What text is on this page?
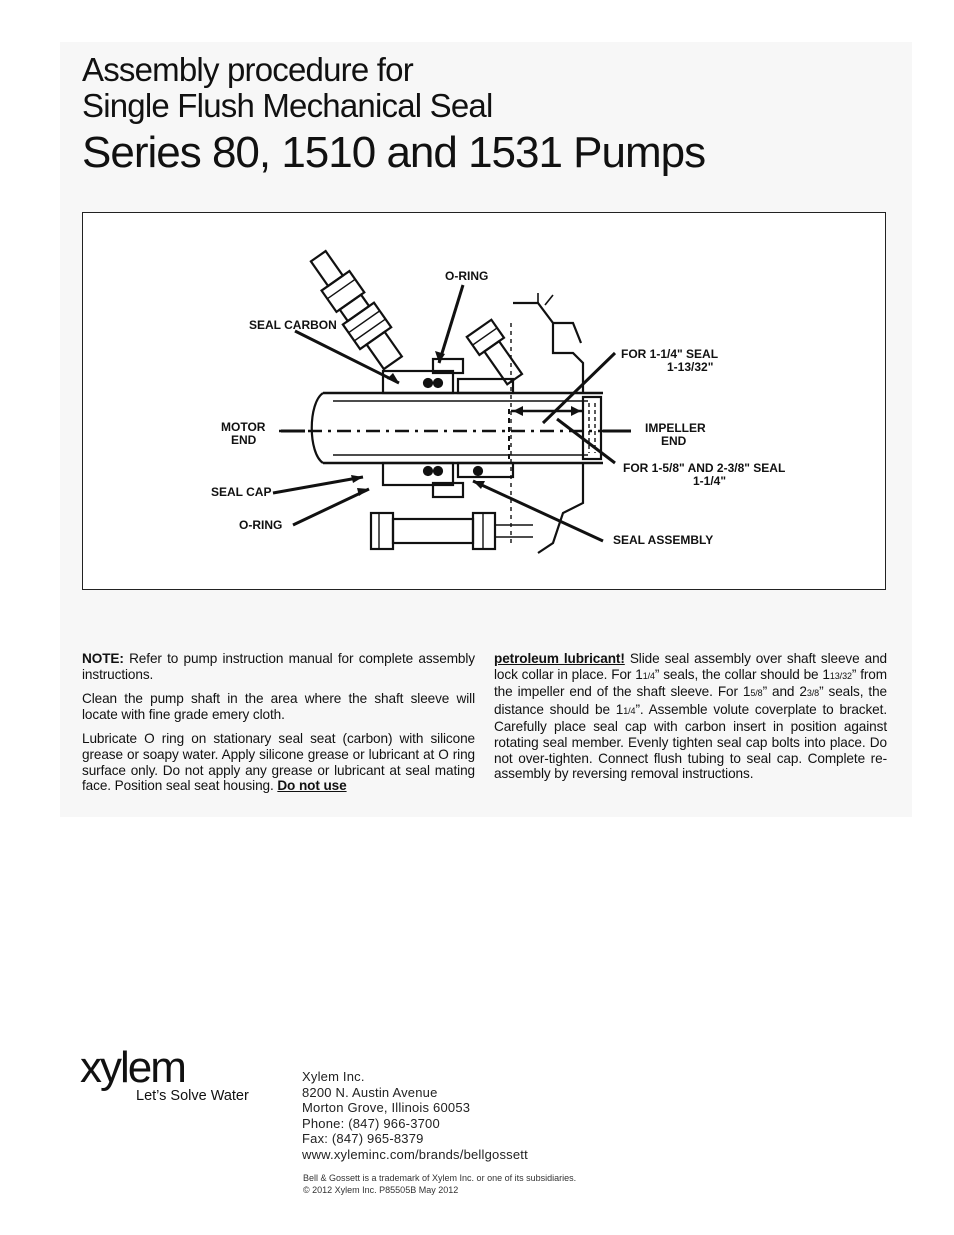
Assembly procedure for
Single Flush Mechanical Seal
Series 80, 1510 and 1531 Pumps
O-RING
SEAL CARBON
MOTOR
END
SEAL CAP
O-RING
FOR 1-1/4" SEAL
1-13/32"
IMPELLER
END
FOR 1-5/8" AND 2-3/8" SEAL
1-1/4"
SEAL ASSEMBLY

NOTE: Refer to pump instruction manual for complete assembly instructions.

Clean the pump shaft in the area where the shaft sleeve will locate with fine grade emery cloth.

Lubricate O ring on stationary seal seat (carbon) with silicone grease or soapy water. Apply silicone grease or lubricant at O ring surface only. Do not apply any grease or lubricant at seal mating face. Position seal seat housing. Do not use

petroleum lubricant! Slide seal assembly over shaft sleeve and lock collar in place. For 11/4” seals, the collar should be 113/32” from the impeller end of the shaft sleeve. For 15/8” and 23/8” seals, the distance should be 11/4”. Assemble volute coverplate to bracket. Carefully place seal cap with carbon insert in position against rotating seal member. Evenly tighten seal cap bolts into place. Do not over-tighten. Connect flush tubing to seal cap. Complete re-assembly by reversing removal instructions.

xylem
Let’s Solve Water
Xylem Inc.
8200 N. Austin Avenue
Morton Grove, Illinois 60053
Phone: (847) 966-3700
Fax: (847) 965-8379
www.xyleminc.com/brands/bellgossett
Bell & Gossett is a trademark of Xylem Inc. or one of its subsidiaries.
© 2012 Xylem Inc. P85505B May 2012
